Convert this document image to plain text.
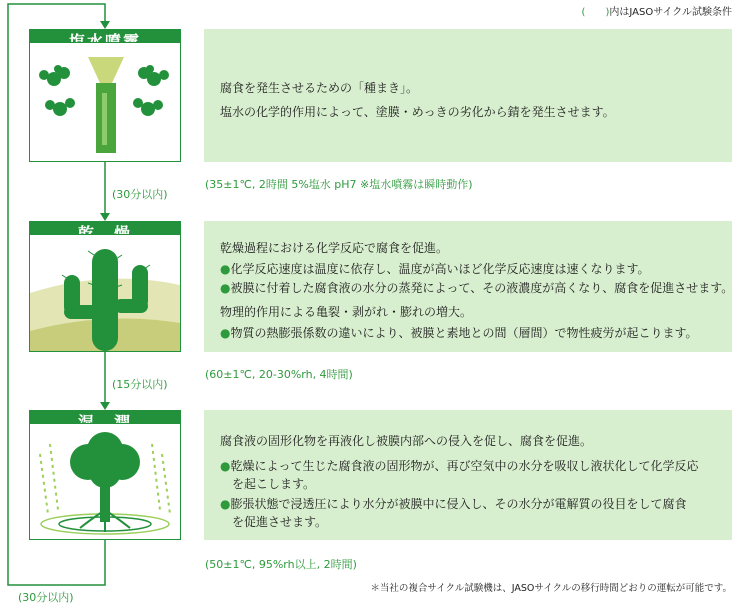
(　　)内はJASOサイクル試験条件
腐食を発生させるための「種まき」。
塩水の化学的作用によって、塗膜・めっきの劣化から錆を発生させます。
(35±1℃, 2時間 5%塩水 pH7 ※塩水噴霧は瞬時動作)
(30分以内)
乾燥過程における化学反応で腐食を促進。
●化学反応速度は温度に依存し、温度が高いほど化学反応速度は速くなります。
●被膜に付着した腐食液の水分の蒸発によって、その液濃度が高くなり、腐食を促進させます。
物理的作用による亀裂・剥がれ・膨れの増大。
●物質の熱膨張係数の違いにより、被膜と素地との間（層間）で物性疲労が起こります。
(60±1℃, 20-30%rh, 4時間)
(15分以内)
腐食液の固形化物を再液化し被膜内部への侵入を促し、腐食を促進。
●乾燥によって生じた腐食液の固形物が、再び空気中の水分を吸収し液状化して化学反応
を起こします。
●膨張状態で浸透圧により水分が被膜中に侵入し、その水分が電解質の役目をして腐食
を促進させます。
(50±1℃, 95%rh以上, 2時間)
(30分以内)
＊当社の複合サイクル試験機は、JASOサイクルの移行時間どおりの運転が可能です。
